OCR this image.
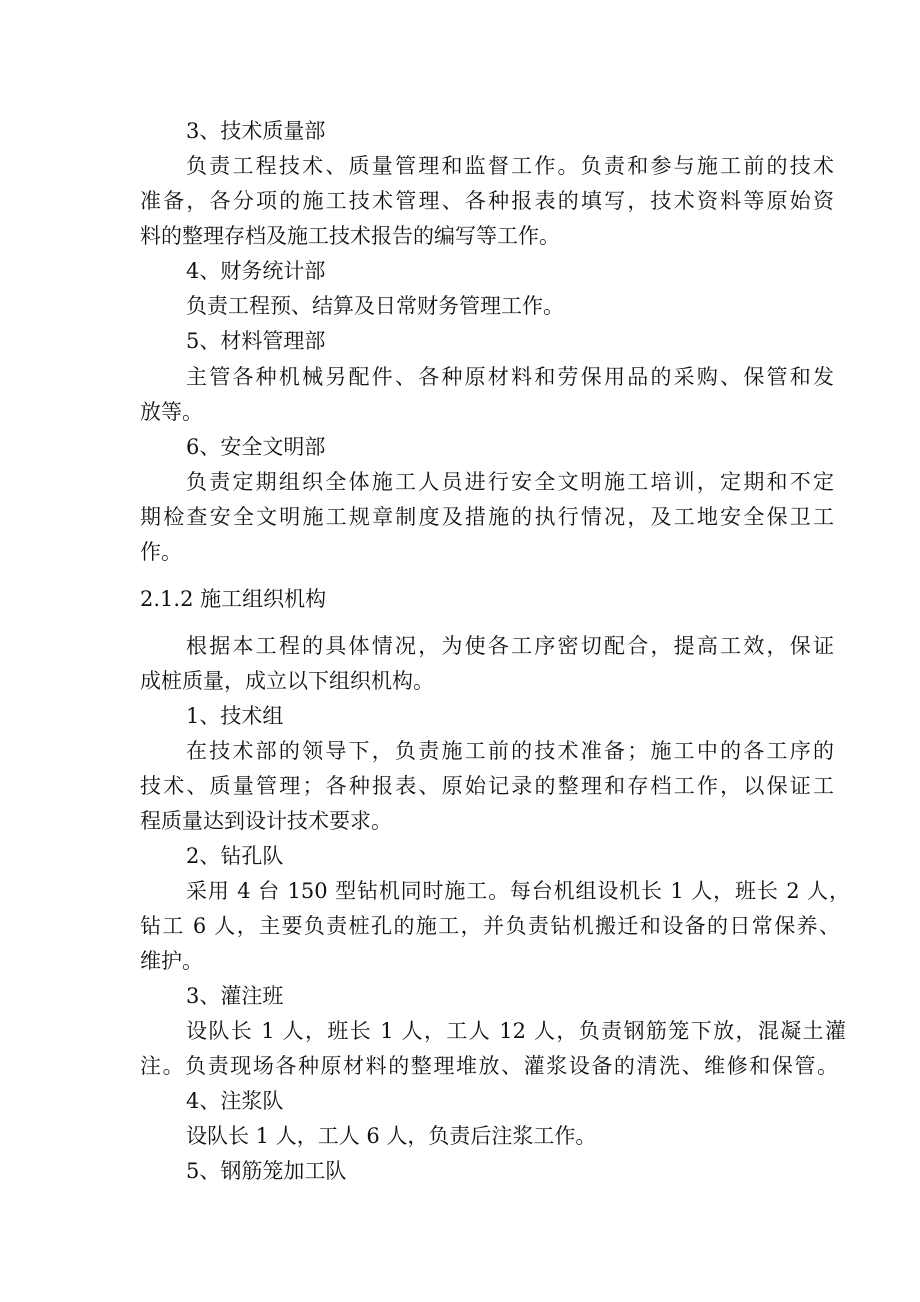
3、技术质量部
负责工程技术、质量管理和监督工作。负责和参与施工前的技术
准备，各分项的施工技术管理、各种报表的填写，技术资料等原始资
料的整理存档及施工技术报告的编写等工作。
4、财务统计部
负责工程预、结算及日常财务管理工作。
5、材料管理部
主管各种机械另配件、各种原材料和劳保用品的采购、保管和发
放等。
6、安全文明部
负责定期组织全体施工人员进行安全文明施工培训，定期和不定
期检查安全文明施工规章制度及措施的执行情况，及工地安全保卫工
作。
2.1.2 施工组织机构
根据本工程的具体情况，为使各工序密切配合，提高工效，保证
成桩质量，成立以下组织机构。
1、技术组
在技术部的领导下，负责施工前的技术准备；施工中的各工序的
技术、质量管理；各种报表、原始记录的整理和存档工作，以保证工
程质量达到设计技术要求。
2、钻孔队
采用 4 台 150 型钻机同时施工。每台机组设机长 1 人，班长 2 人，
钻工 6 人，主要负责桩孔的施工，并负责钻机搬迁和设备的日常保养、
维护。
3、灌注班
设队长 1 人，班长 1 人，工人 12 人，负责钢筋笼下放，混凝土灌
注。负责现场各种原材料的整理堆放、灌浆设备的清洗、维修和保管。
4、注浆队
设队长 1 人，工人 6 人，负责后注浆工作。
5、钢筋笼加工队
